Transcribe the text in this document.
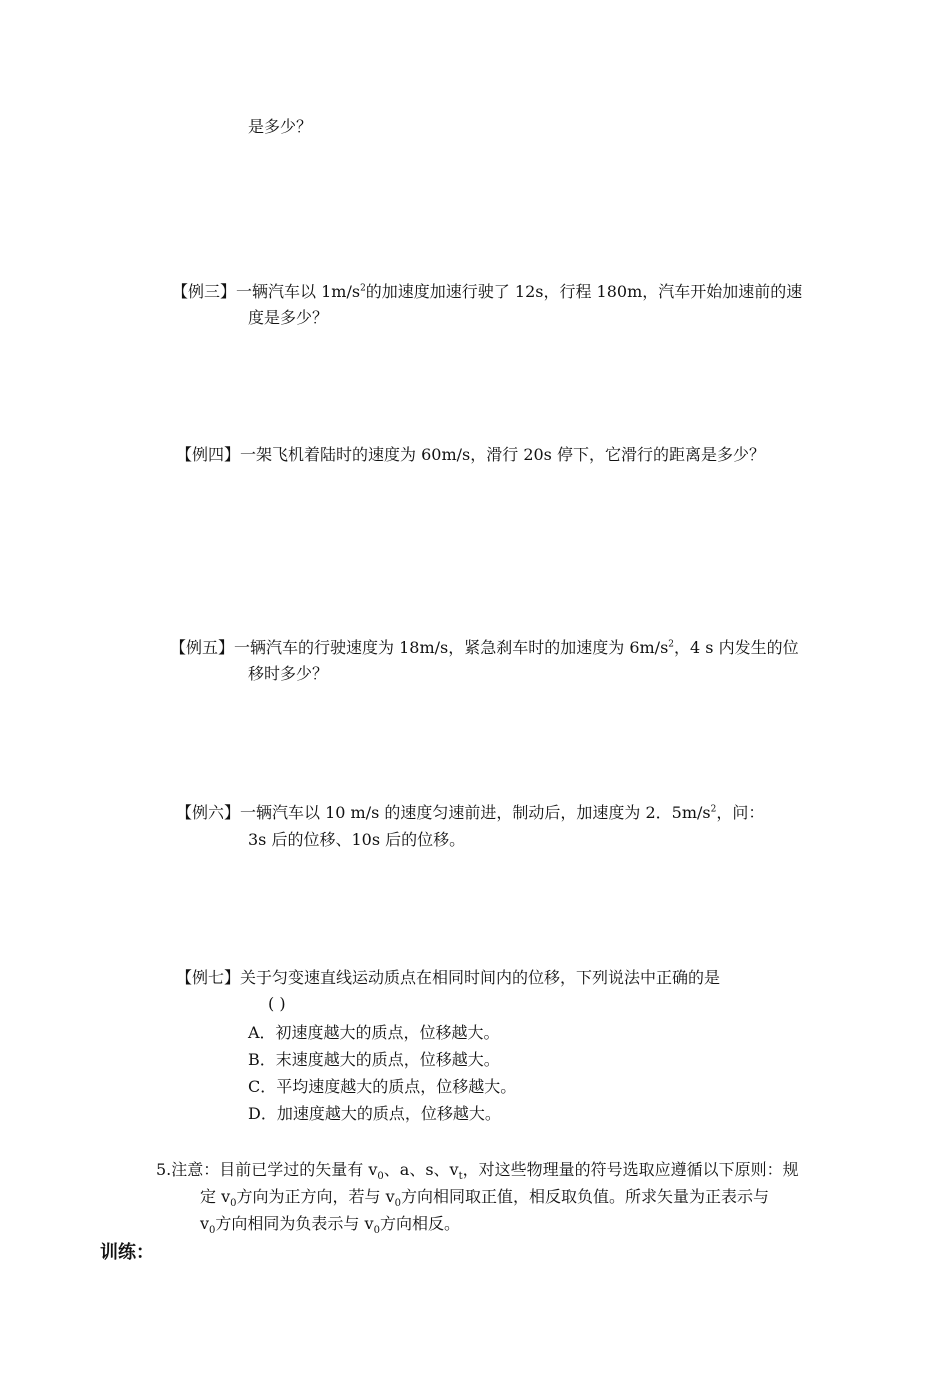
是多少？
【例三】一辆汽车以 $1m/s^2$的加速度加速行驶了 12s，行程 180m，汽车开始加速前的速
度是多少？
【例四】一架飞机着陆时的速度为 60m/s，滑行 20s 停下，它滑行的距离是多少？
【例五】一辆汽车的行驶速度为 18m/s，紧急刹车时的加速度为 $6m/s^2$，4 s 内发生的位
移时多少？
【例六】一辆汽车以 10 m/s 的速度匀速前进，制动后，加速度为 2．$5m/s^2$，问：
3s 后的位移、10s 后的位移。
【例七】关于匀变速直线运动质点在相同时间内的位移，下列说法中正确的是
( )
A．初速度越大的质点，位移越大。
B．末速度越大的质点，位移越大。
C．平均速度越大的质点，位移越大。
D．加速度越大的质点，位移越大。
5.注意：目前已学过的矢量有 $v_0$、a、s、$v_t$，对这些物理量的符号选取应遵循以下原则：规
定 $v_0$方向为正方向，若与 $v_0$方向相同取正值，相反取负值。所求矢量为正表示与
$v_0$方向相同为负表示与 $v_0$方向相反。
训练：
